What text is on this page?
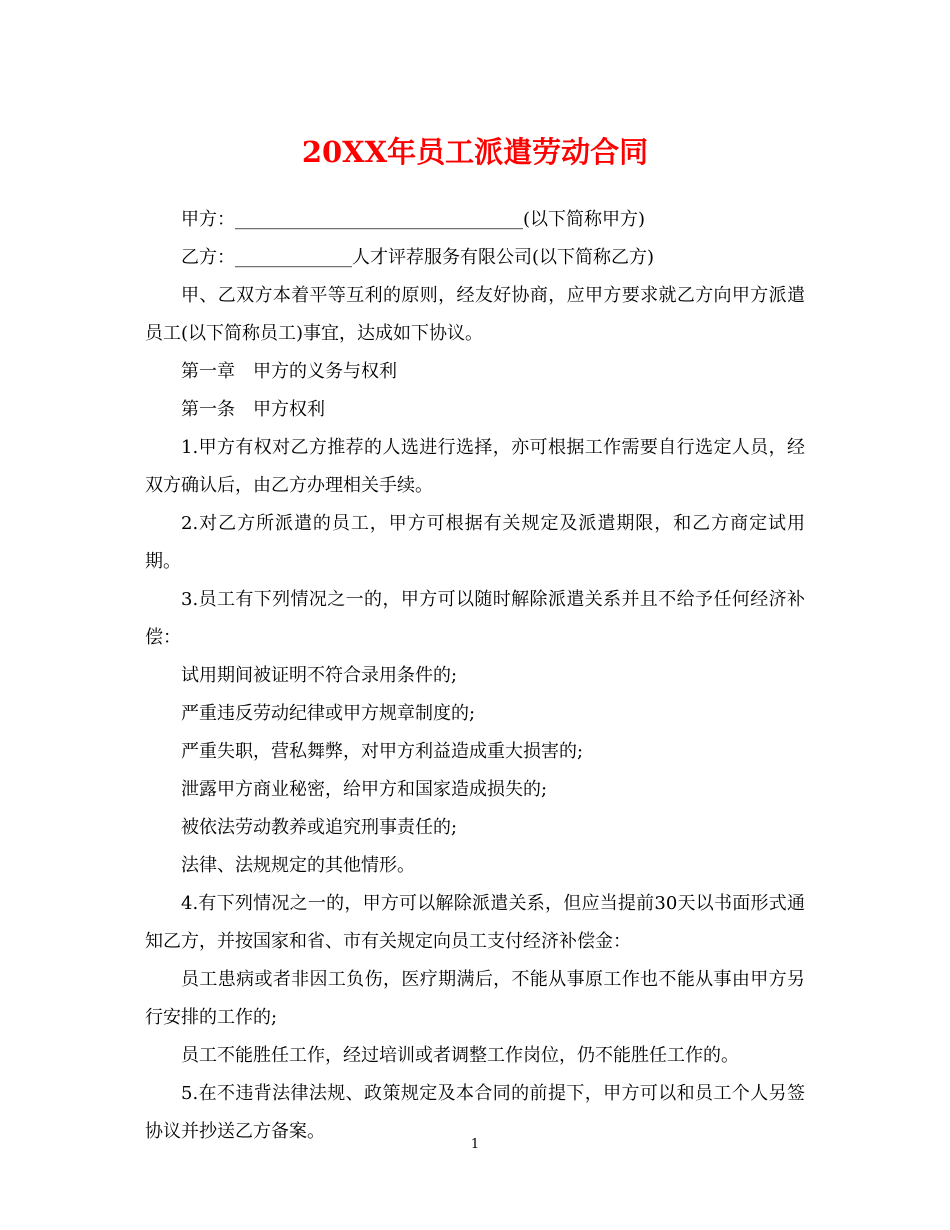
20XX年员工派遣劳动合同

甲方：________________________________(以下简称甲方)

乙方：_____________人才评荐服务有限公司(以下简称乙方)

甲、乙双方本着平等互利的原则，经友好协商，应甲方要求就乙方向甲方派遣员工(以下简称员工)事宜，达成如下协议。

第一章　甲方的义务与权利

第一条　甲方权利

1.甲方有权对乙方推荐的人选进行选择，亦可根据工作需要自行选定人员，经双方确认后，由乙方办理相关手续。

2.对乙方所派遣的员工，甲方可根据有关规定及派遣期限，和乙方商定试用期。

3.员工有下列情况之一的，甲方可以随时解除派遣关系并且不给予任何经济补偿：

试用期间被证明不符合录用条件的;

严重违反劳动纪律或甲方规章制度的;

严重失职，营私舞弊，对甲方利益造成重大损害的;

泄露甲方商业秘密，给甲方和国家造成损失的;

被依法劳动教养或追究刑事责任的;

法律、法规规定的其他情形。

4.有下列情况之一的，甲方可以解除派遣关系，但应当提前30天以书面形式通知乙方，并按国家和省、市有关规定向员工支付经济补偿金：

员工患病或者非因工负伤，医疗期满后，不能从事原工作也不能从事由甲方另行安排的工作的;

员工不能胜任工作，经过培训或者调整工作岗位，仍不能胜任工作的。

5.在不违背法律法规、政策规定及本合同的前提下，甲方可以和员工个人另签协议并抄送乙方备案。

1
